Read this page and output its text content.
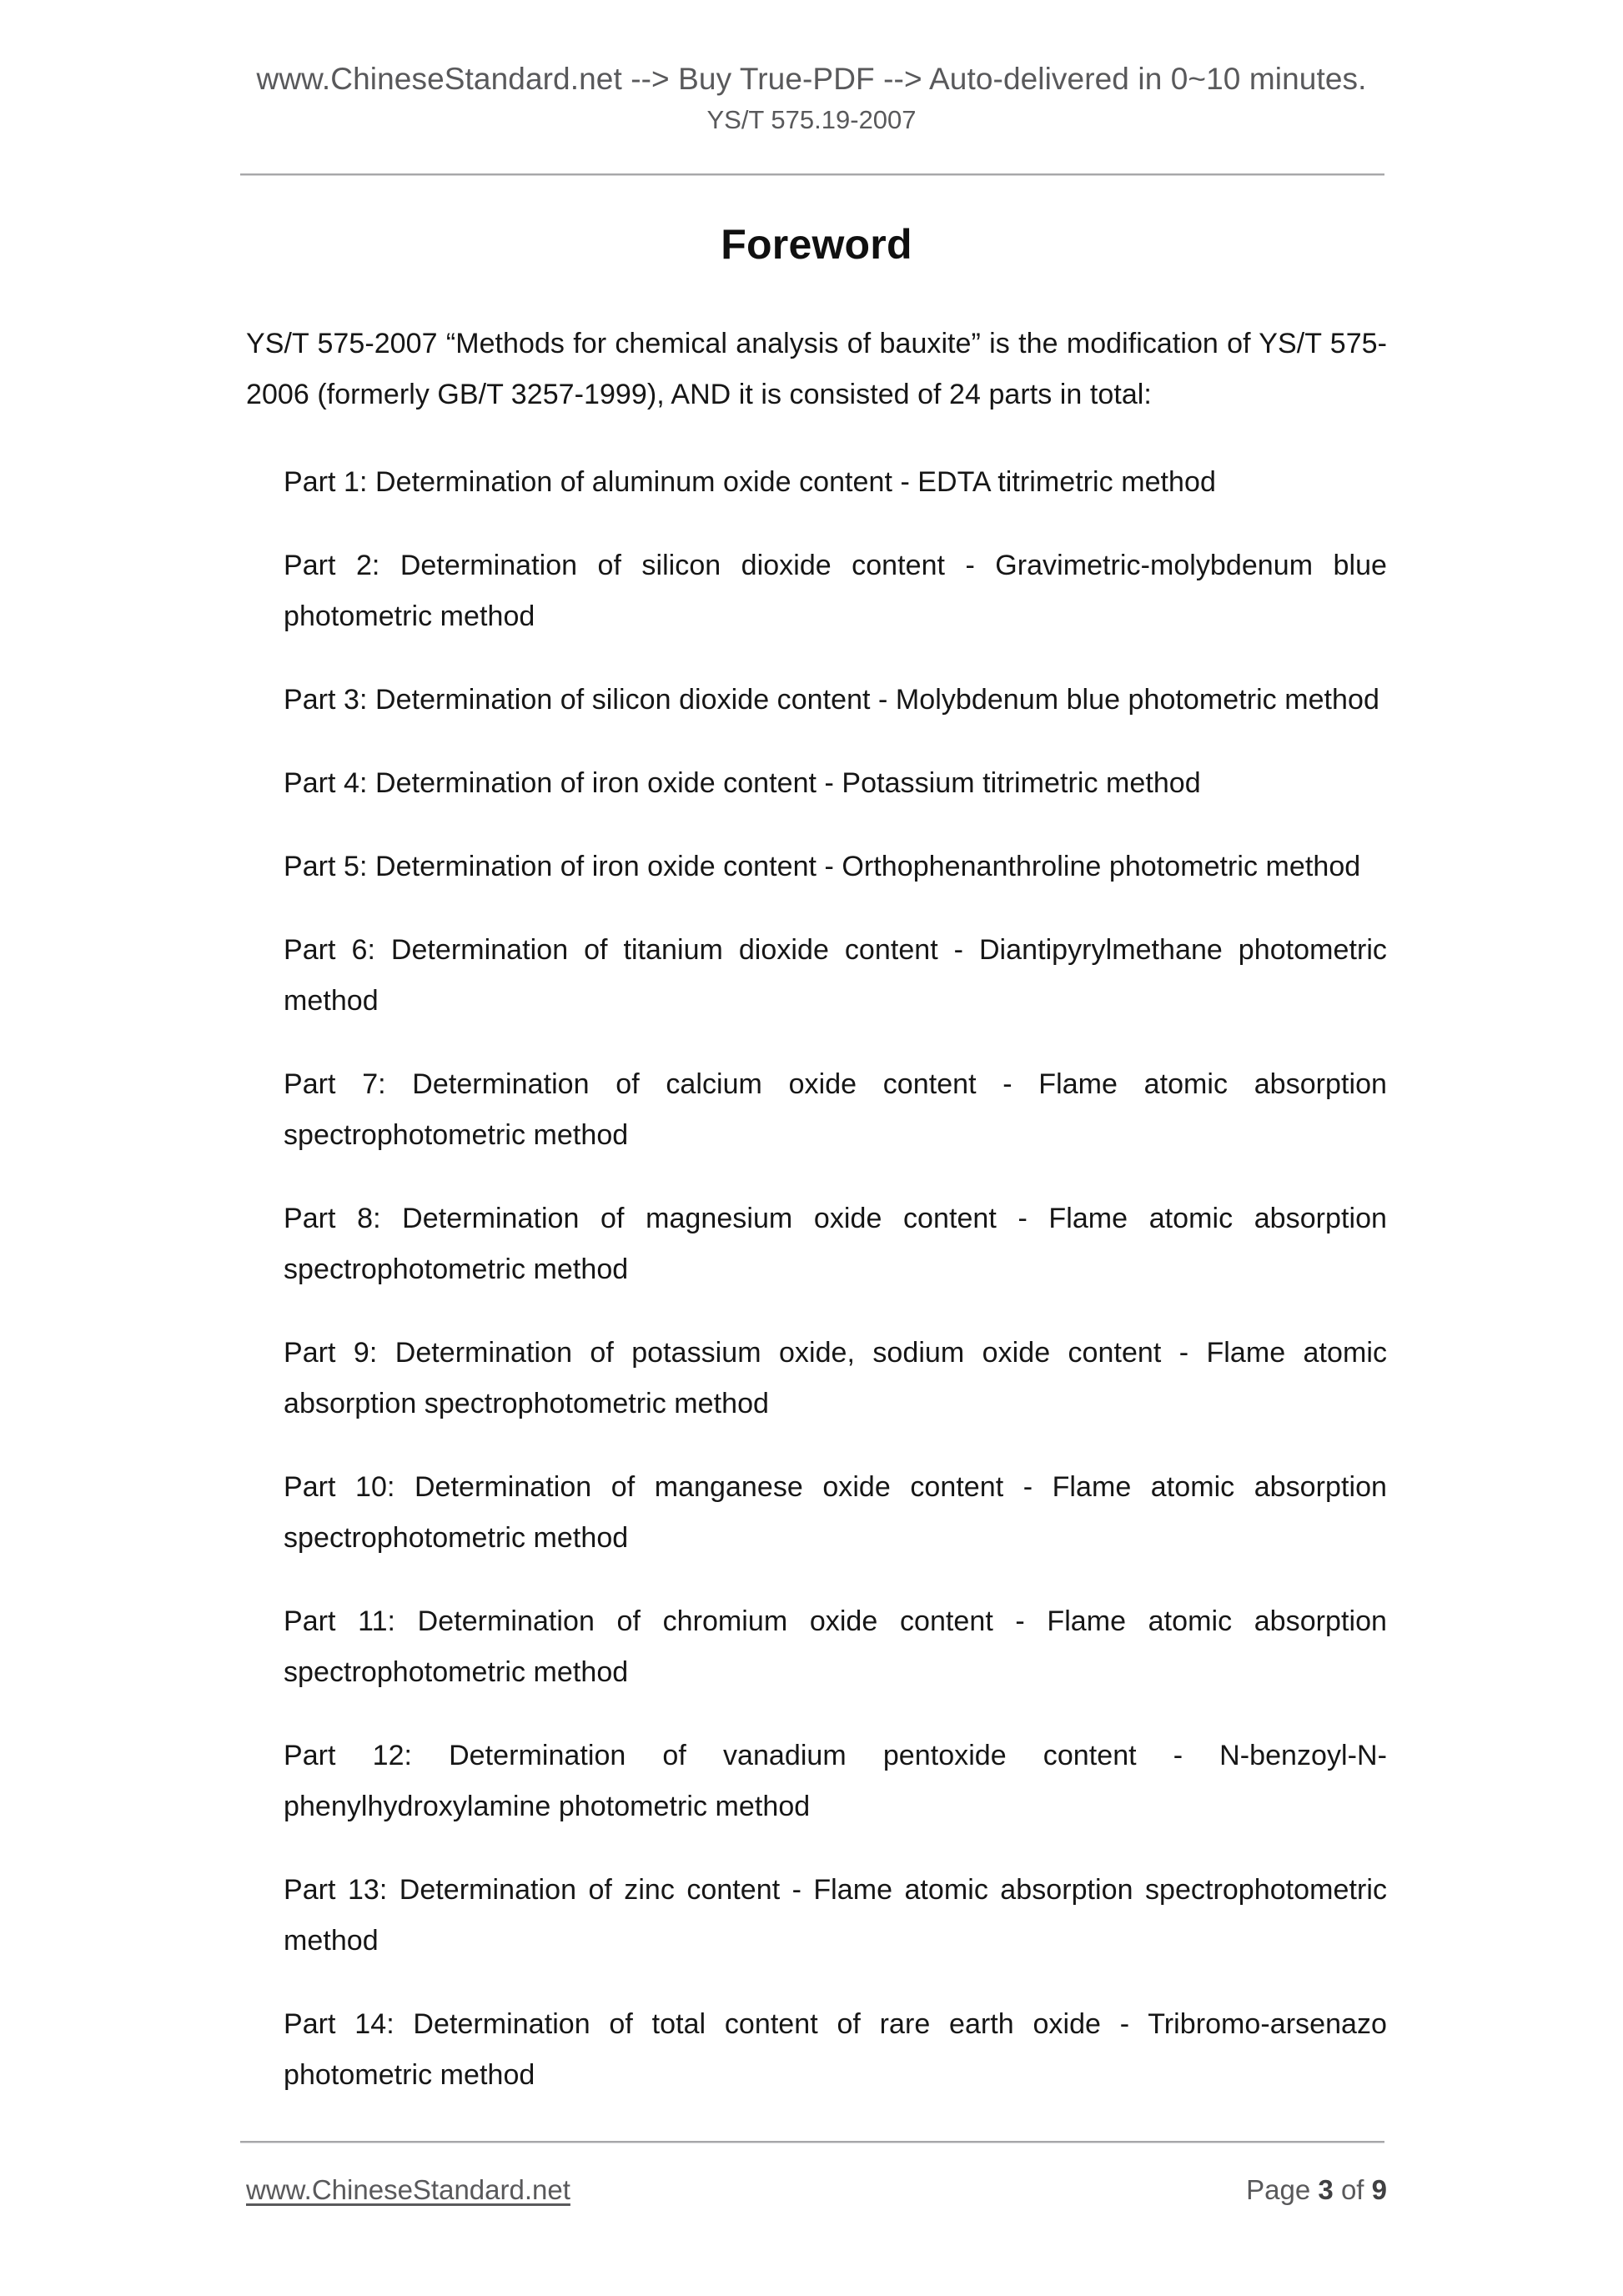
www.ChineseStandard.net --> Buy True-PDF --> Auto-delivered in 0~10 minutes.
YS/T 575.19-2007
Foreword

YS/T 575-2007 “Methods for chemical analysis of bauxite” is the modification of YS/T 575-2006 (formerly GB/T 3257-1999), AND it is consisted of 24 parts in total:

Part 1: Determination of aluminum oxide content - EDTA titrimetric method
Part 2: Determination of silicon dioxide content - Gravimetric-molybdenum blue photometric method
Part 3: Determination of silicon dioxide content - Molybdenum blue photometric method
Part 4: Determination of iron oxide content - Potassium titrimetric method
Part 5: Determination of iron oxide content - Orthophenanthroline photometric method
Part 6: Determination of titanium dioxide content - Diantipyrylmethane photometric method
Part 7: Determination of calcium oxide content - Flame atomic absorption spectrophotometric method
Part 8: Determination of magnesium oxide content - Flame atomic absorption spectrophotometric method
Part 9: Determination of potassium oxide, sodium oxide content - Flame atomic absorption spectrophotometric method
Part 10: Determination of manganese oxide content - Flame atomic absorption spectrophotometric method
Part 11: Determination of chromium oxide content - Flame atomic absorption spectrophotometric method
Part 12: Determination of vanadium pentoxide content - N-benzoyl-N-phenylhydroxylamine photometric method
Part 13: Determination of zinc content - Flame atomic absorption spectrophotometric method
Part 14: Determination of total content of rare earth oxide - Tribromo-arsenazo photometric method
www.ChineseStandard.net	Page 3 of 9
